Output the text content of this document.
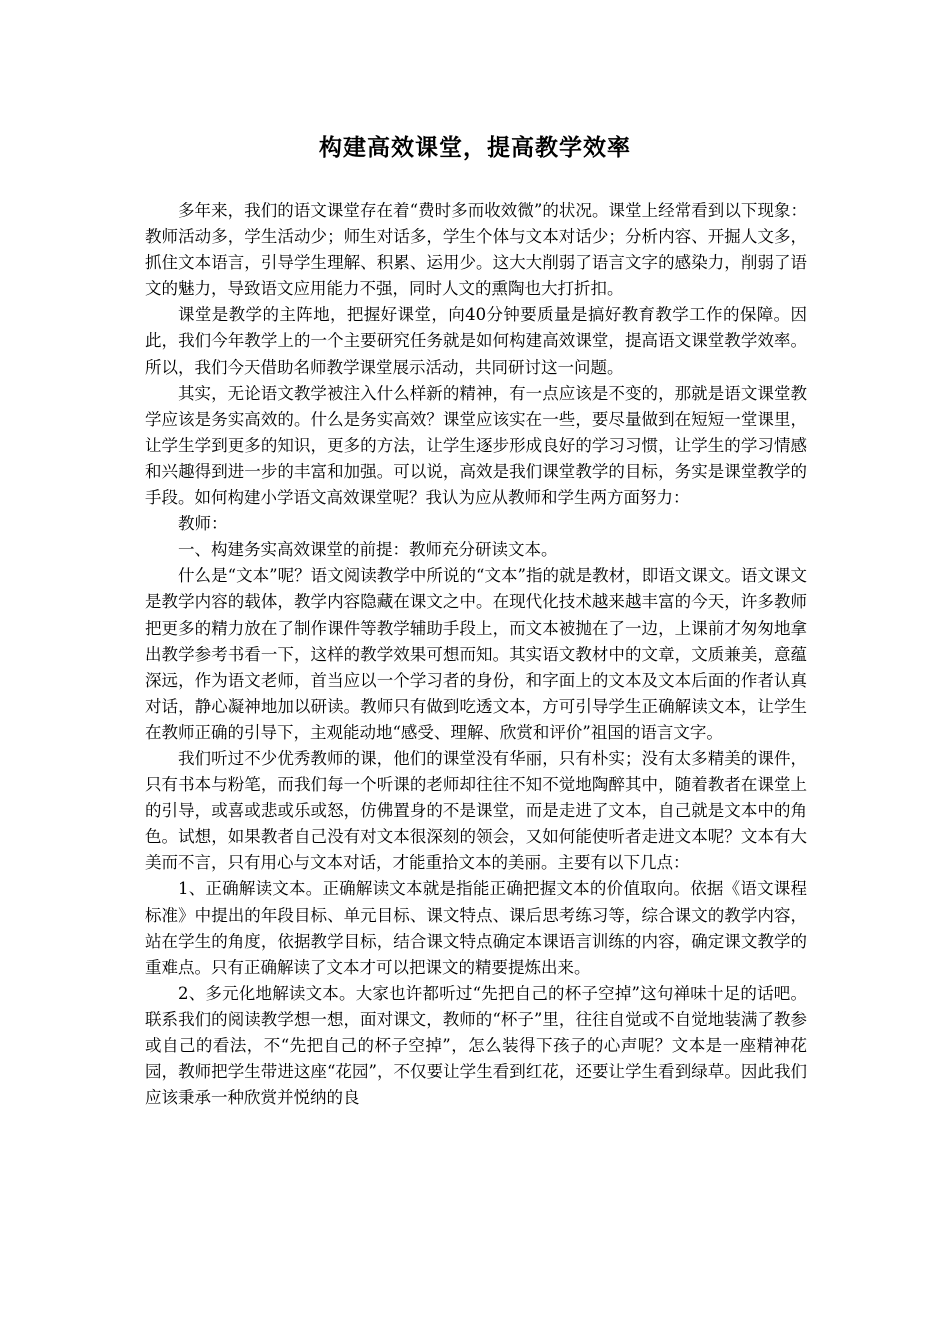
构建高效课堂，提高教学效率

多年来，我们的语文课堂存在着“费时多而收效微”的状况。课堂上经常看到以下现象：教师活动多，学生活动少；师生对话多，学生个体与文本对话少；分析内容、开掘人文多，抓住文本语言，引导学生理解、积累、运用少。这大大削弱了语言文字的感染力，削弱了语文的魅力，导致语文应用能力不强，同时人文的熏陶也大打折扣。

课堂是教学的主阵地，把握好课堂，向40分钟要质量是搞好教育教学工作的保障。因此，我们今年教学上的一个主要研究任务就是如何构建高效课堂，提高语文课堂教学效率。所以，我们今天借助名师教学课堂展示活动，共同研讨这一问题。

其实，无论语文教学被注入什么样新的精神，有一点应该是不变的，那就是语文课堂教学应该是务实高效的。什么是务实高效？课堂应该实在一些，要尽量做到在短短一堂课里，让学生学到更多的知识，更多的方法，让学生逐步形成良好的学习习惯，让学生的学习情感和兴趣得到进一步的丰富和加强。可以说，高效是我们课堂教学的目标，务实是课堂教学的手段。如何构建小学语文高效课堂呢？我认为应从教师和学生两方面努力：

教师：

一、构建务实高效课堂的前提：教师充分研读文本。

什么是“文本”呢？语文阅读教学中所说的“文本”指的就是教材，即语文课文。语文课文是教学内容的载体，教学内容隐藏在课文之中。在现代化技术越来越丰富的今天，许多教师把更多的精力放在了制作课件等教学辅助手段上，而文本被抛在了一边，上课前才匆匆地拿出教学参考书看一下，这样的教学效果可想而知。其实语文教材中的文章，文质兼美，意蕴深远，作为语文老师，首当应以一个学习者的身份，和字面上的文本及文本后面的作者认真对话，静心凝神地加以研读。教师只有做到吃透文本，方可引导学生正确解读文本，让学生在教师正确的引导下，主观能动地“感受、理解、欣赏和评价”祖国的语言文字。

我们听过不少优秀教师的课，他们的课堂没有华丽，只有朴实；没有太多精美的课件，只有书本与粉笔，而我们每一个听课的老师却往往不知不觉地陶醉其中，随着教者在课堂上的引导，或喜或悲或乐或怒，仿佛置身的不是课堂，而是走进了文本，自己就是文本中的角色。试想，如果教者自己没有对文本很深刻的领会，又如何能使听者走进文本呢？文本有大美而不言，只有用心与文本对话，才能重拾文本的美丽。主要有以下几点：

1、正确解读文本。正确解读文本就是指能正确把握文本的价值取向。依据《语文课程标准》中提出的年段目标、单元目标、课文特点、课后思考练习等，综合课文的教学内容，站在学生的角度，依据教学目标，结合课文特点确定本课语言训练的内容，确定课文教学的重难点。只有正确解读了文本才可以把课文的精要提炼出来。

2、多元化地解读文本。大家也许都听过“先把自己的杯子空掉”这句禅味十足的话吧。联系我们的阅读教学想一想，面对课文，教师的“杯子”里，往往自觉或不自觉地装满了教参或自己的看法，不“先把自己的杯子空掉”，怎么装得下孩子的心声呢？文本是一座精神花园，教师把学生带进这座“花园”，不仅要让学生看到红花，还要让学生看到绿草。因此我们应该秉承一种欣赏并悦纳的良
